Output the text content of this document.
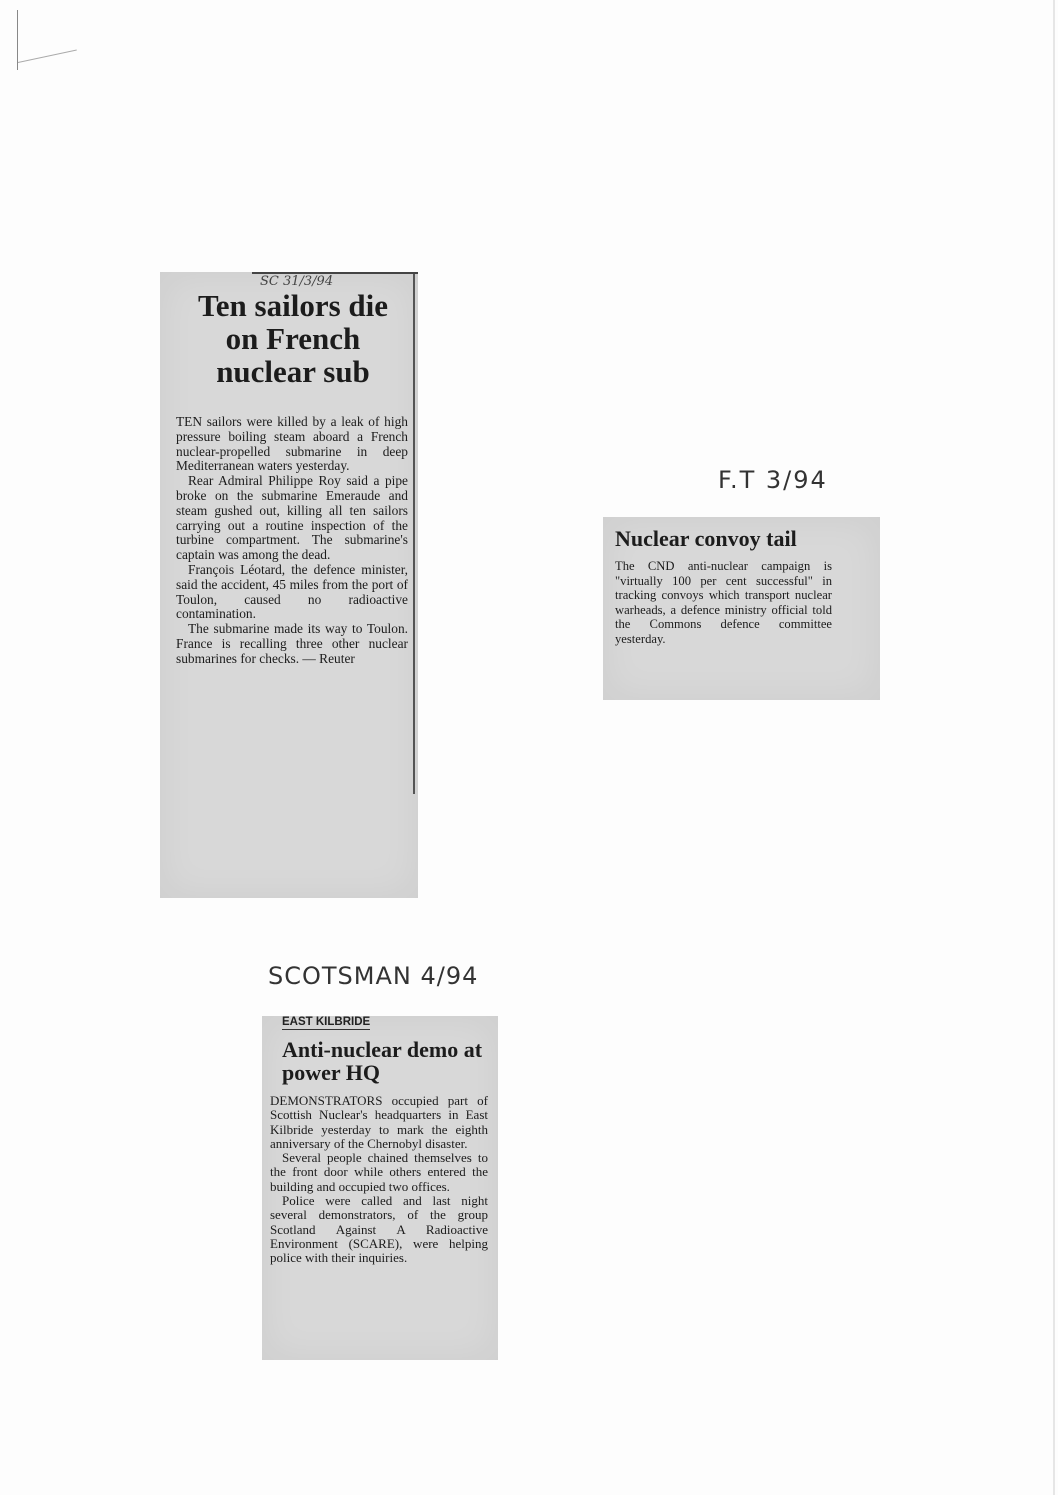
SC 31/3/94
Ten sailors die on French nuclear sub

TEN sailors were killed by a leak of high pressure boiling steam aboard a French nuclear-propelled submarine in deep Mediterranean waters yesterday.

Rear Admiral Philippe Roy said a pipe broke on the submarine Emeraude and steam gushed out, killing all ten sailors carrying out a routine inspection of the turbine compartment. The submarine's captain was among the dead.

François Léotard, the defence minister, said the accident, 45 miles from the port of Toulon, caused no radioactive contamination.

The submarine made its way to Toulon. France is recalling three other nuclear submarines for checks. — Reuter

F.T 3/94
Nuclear convoy tail
The CND anti-nuclear campaign is "virtually 100 per cent successful" in tracking convoys which transport nuclear warheads, a defence ministry official told the Commons defence committee yesterday.
SCOTSMAN 4/94
EAST KILBRIDE
Anti-nuclear demo at power HQ

DEMONSTRATORS occupied part of Scottish Nuclear's headquarters in East Kilbride yesterday to mark the eighth anniversary of the Chernobyl disaster.

Several people chained themselves to the front door while others entered the building and occupied two offices.

Police were called and last night several demonstrators, of the group Scotland Against A Radioactive Environment (SCARE), were helping police with their inquiries.
